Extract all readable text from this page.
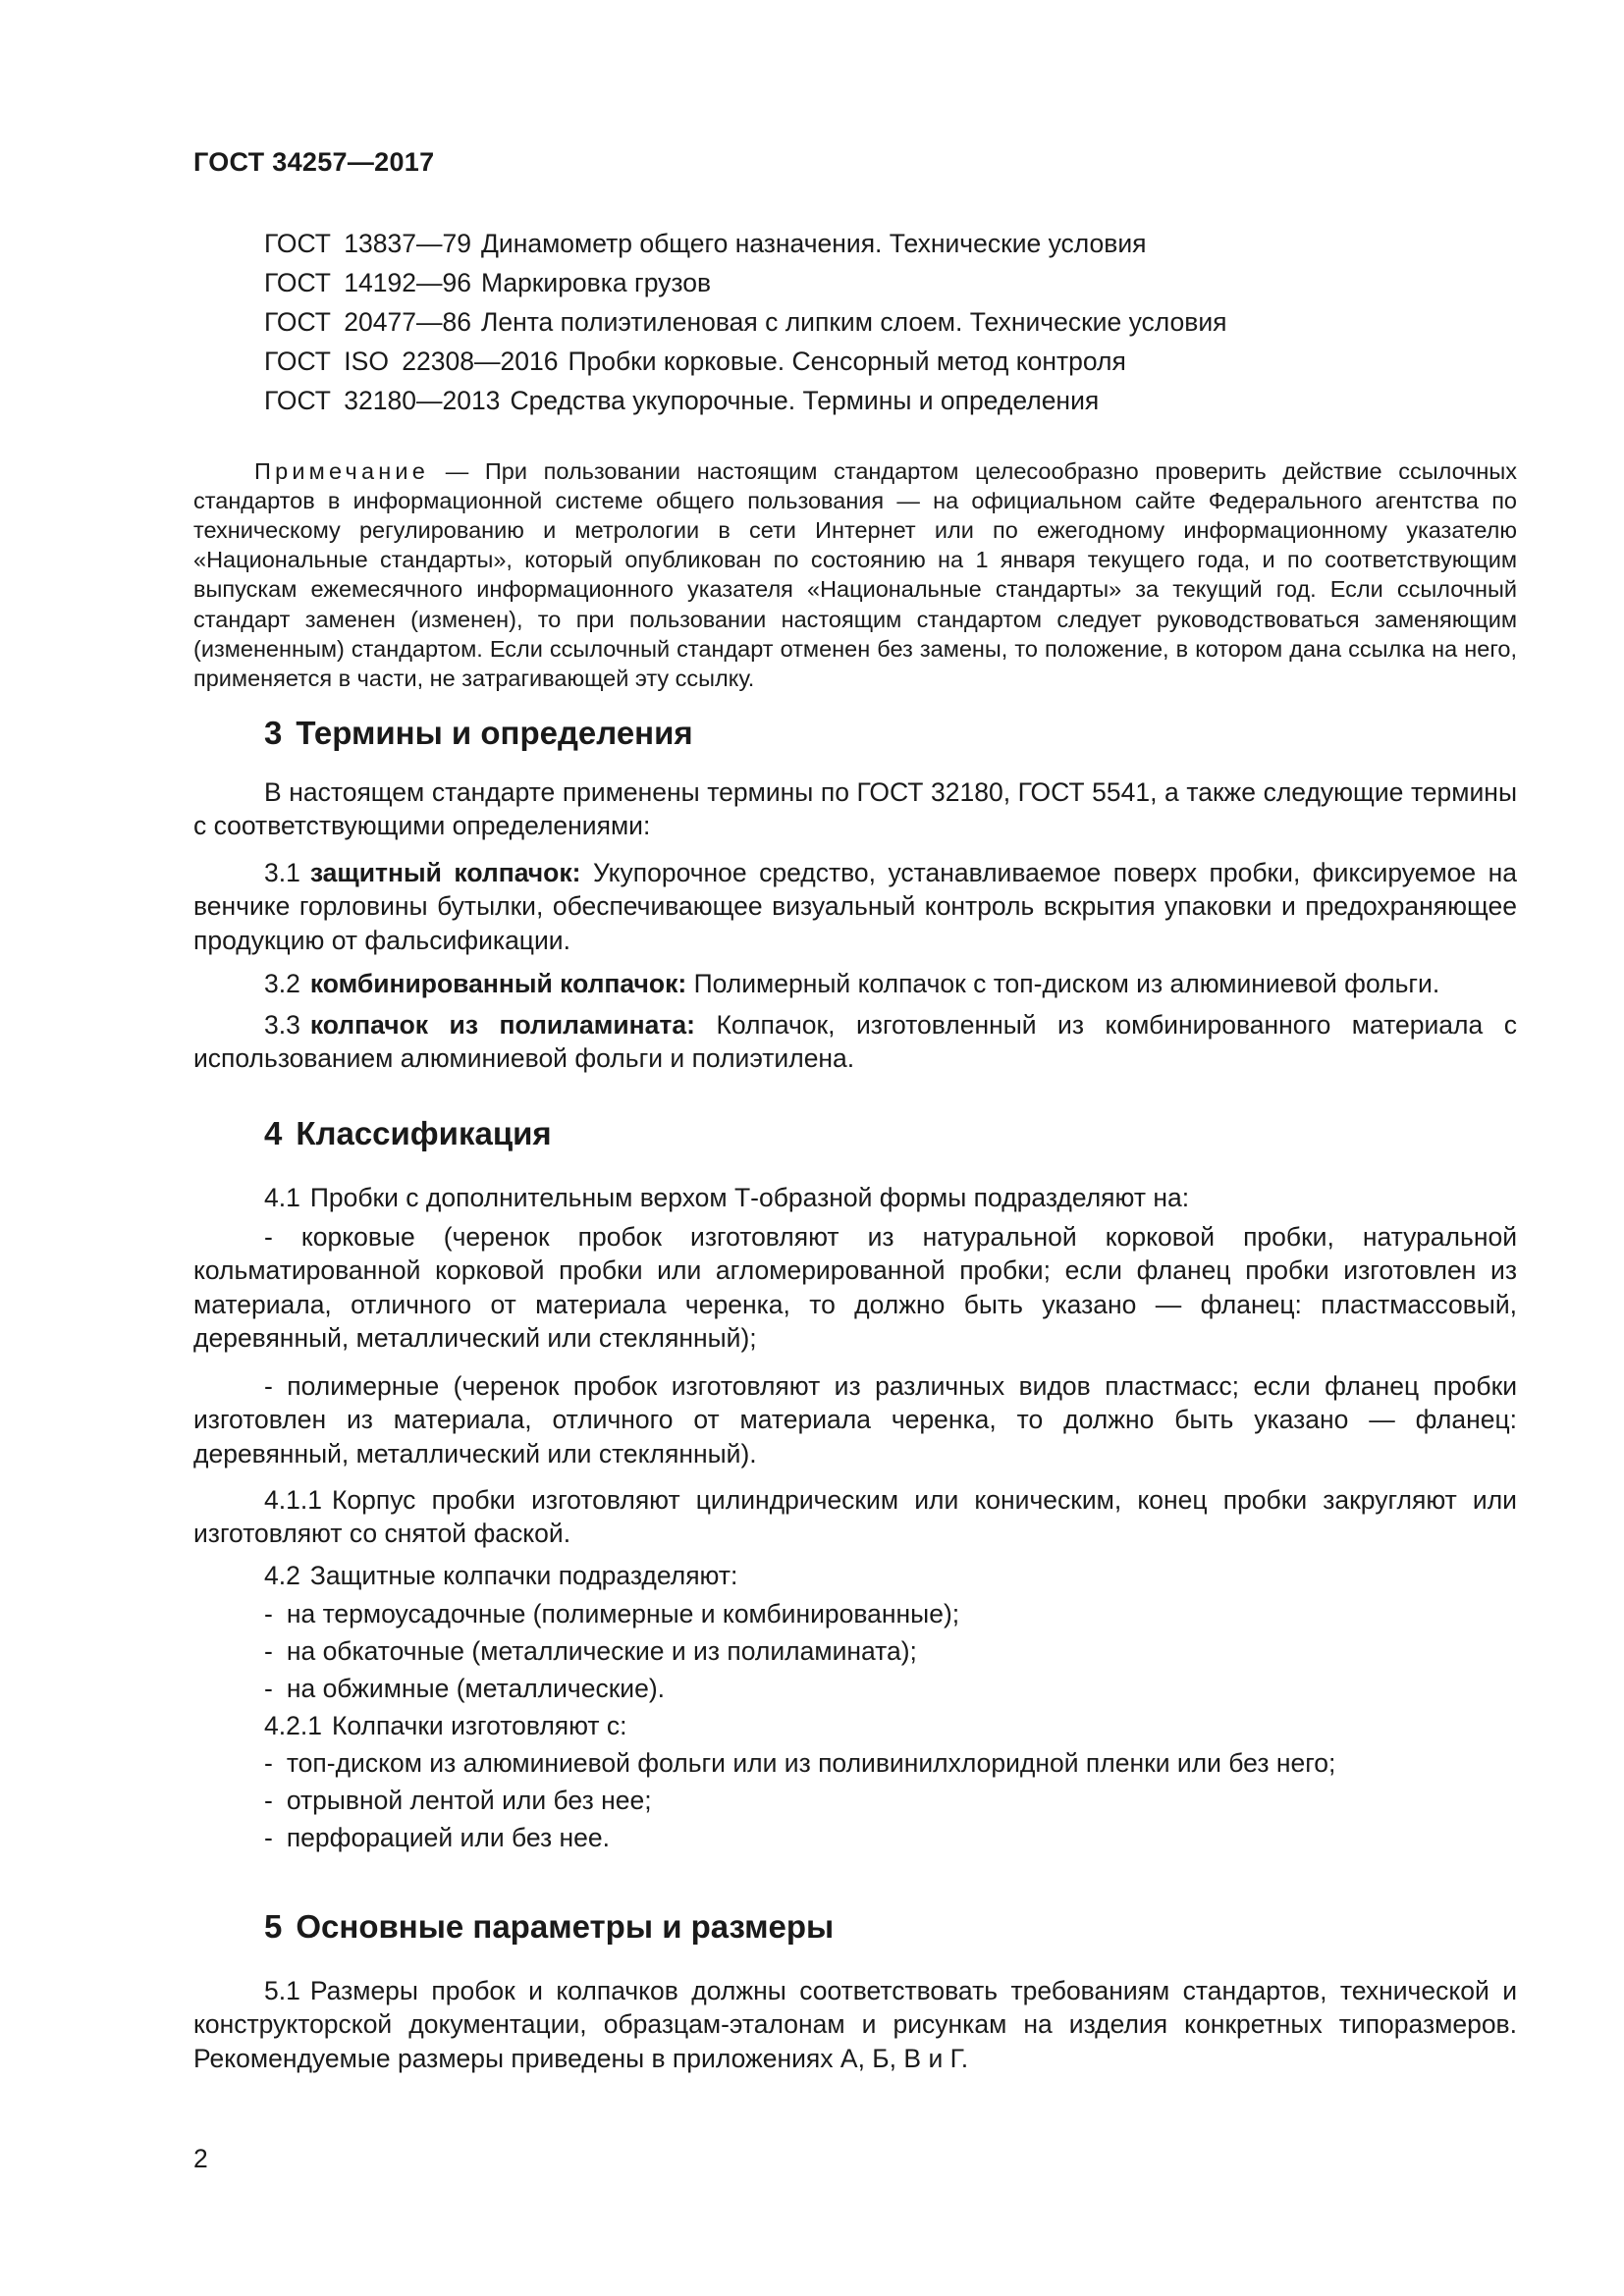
ГОСТ 34257—2017
ГОСТ 13837—79 Динамометр общего назначения. Технические условия
ГОСТ 14192—96 Маркировка грузов
ГОСТ 20477—86 Лента полиэтиленовая с липким слоем. Технические условия
ГОСТ ISO 22308—2016 Пробки корковые. Сенсорный метод контроля
ГОСТ 32180—2013 Средства укупорочные. Термины и определения

Примечание — При пользовании настоящим стандартом целесообразно проверить действие ссылочных стандартов в информационной системе общего пользования — на официальном сайте Федерального агентства по техническому регулированию и метрологии в сети Интернет или по ежегодному информационному указателю «Национальные стандарты», который опубликован по состоянию на 1 января текущего года, и по соответствующим выпускам ежемесячного информационного указателя «Национальные стандарты» за текущий год. Если ссылочный стандарт заменен (изменен), то при пользовании настоящим стандартом следует руководствоваться заменяющим (измененным) стандартом. Если ссылочный стандарт отменен без замены, то положение, в котором дана ссылка на него, применяется в части, не затрагивающей эту ссылку.

3 Термины и определения

В настоящем стандарте применены термины по ГОСТ 32180, ГОСТ 5541, а также следующие термины с соответствующими определениями:

3.1 защитный колпачок: Укупорочное средство, устанавливаемое поверх пробки, фиксируемое на венчике горловины бутылки, обеспечивающее визуальный контроль вскрытия упаковки и предохраняющее продукцию от фальсификации.

3.2 комбинированный колпачок: Полимерный колпачок с топ-диском из алюминиевой фольги.

3.3 колпачок из полиламината: Колпачок, изготовленный из комбинированного материала с использованием алюминиевой фольги и полиэтилена.

4 Классификация

4.1 Пробки с дополнительным верхом Т-образной формы подразделяют на:

- корковые (черенок пробок изготовляют из натуральной корковой пробки, натуральной кольматированной корковой пробки или агломерированной пробки; если фланец пробки изготовлен из материала, отличного от материала черенка, то должно быть указано — фланец: пластмассовый, деревянный, металлический или стеклянный);

- полимерные (черенок пробок изготовляют из различных видов пластмасс; если фланец пробки изготовлен из материала, отличного от материала черенка, то должно быть указано — фланец: деревянный, металлический или стеклянный).

4.1.1 Корпус пробки изготовляют цилиндрическим или коническим, конец пробки закругляют или изготовляют со снятой фаской.

4.2 Защитные колпачки подразделяют:

- на термоусадочные (полимерные и комбинированные);
- на обкаточные (металлические и из полиламината);
- на обжимные (металлические).

4.2.1 Колпачки изготовляют с:

- топ-диском из алюминиевой фольги или из поливинилхлоридной пленки или без него;
- отрывной лентой или без нее;
- перфорацией или без нее.
5 Основные параметры и размеры

5.1 Размеры пробок и колпачков должны соответствовать требованиям стандартов, технической и конструкторской документации, образцам-эталонам и рисункам на изделия конкретных типоразмеров. Рекомендуемые размеры приведены в приложениях А, Б, В и Г.

2
